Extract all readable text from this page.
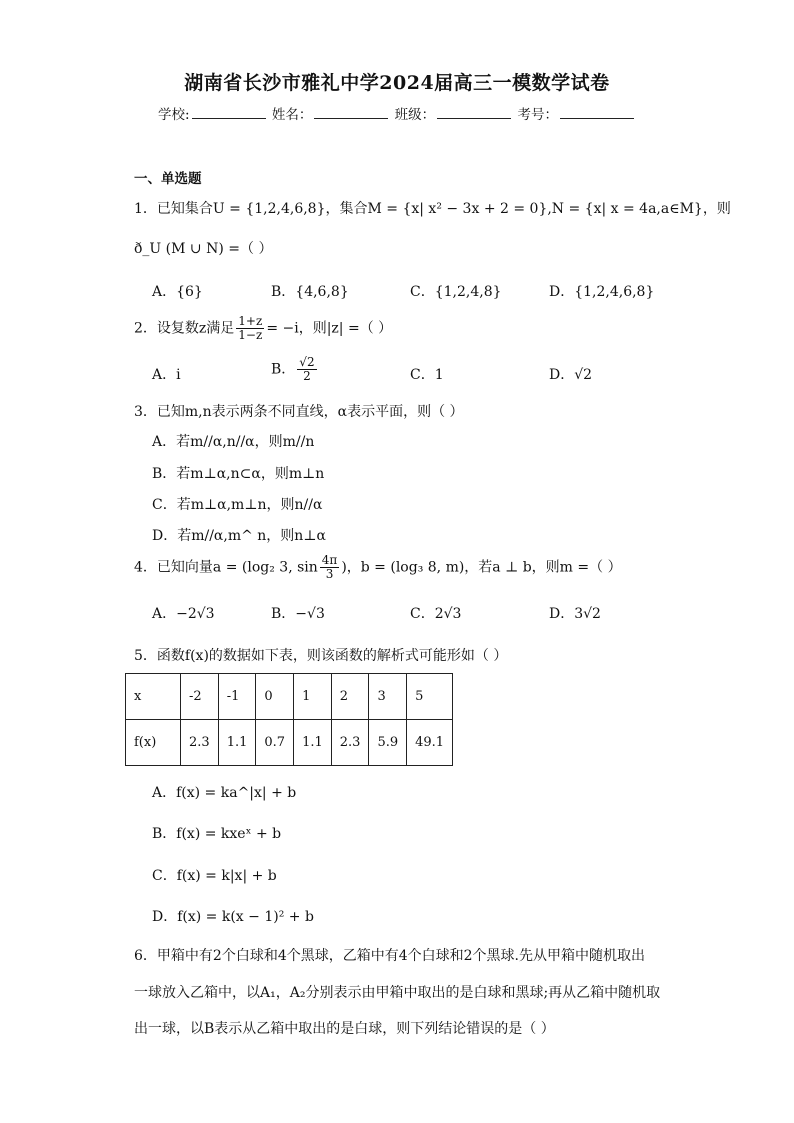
湖南省长沙市雅礼中学2024届高三一模数学试卷
学校:	姓名：	班级：	考号：
一、单选题
1．已知集合U = {1,2,4,6,8}，集合M = {x| x² − 3x + 2 = 0},N = {x| x = 4a,a∈M}，则
ð_U (M ∪ N) =（ ）
A．{6}	B．{4,6,8}	C．{1,2,4,8}	D．{1,2,4,6,8}
2．设复数z满足 $\frac{1+z}{1-z} = -i$，则|z| =（ ）
A．i	B． $\frac{√2}{2}$	C．1	D．√2
3．已知m,n表示两条不同直线，α表示平面，则（ ）
A．若m//α,n//α，则m//n
B．若m⊥α,n⊂α，则m⊥n
C．若m⊥α,m⊥n，则n//α
D．若m//α,m^ n，则n⊥α
4．已知向量a = (log₂ 3, $\sin \frac{4\pi}{3}$ )，b = (log₃ 8, m)，若a ⊥ b，则m =（ ）
A．−2√3	B．−√3	C．2√3	D．3√2
5．函数f(x)的数据如下表，则该函数的解析式可能形如（ ）
x	-2	-1	0	1	2	3	5
f(x)	2.3	1.1	0.7	1.1	2.3	5.9	49.1
A．f(x) = ka^|x| + b
B．f(x) = kxeˣ + b
C．f(x) = k|x| + b
D．f(x) = k(x − 1)² + b
6．甲箱中有2个白球和4个黑球，乙箱中有4个白球和2个黑球.先从甲箱中随机取出
一球放入乙箱中，以A₁，A₂分别表示由甲箱中取出的是白球和黑球;再从乙箱中随机取
出一球，以B表示从乙箱中取出的是白球，则下列结论错误的是（ ）
